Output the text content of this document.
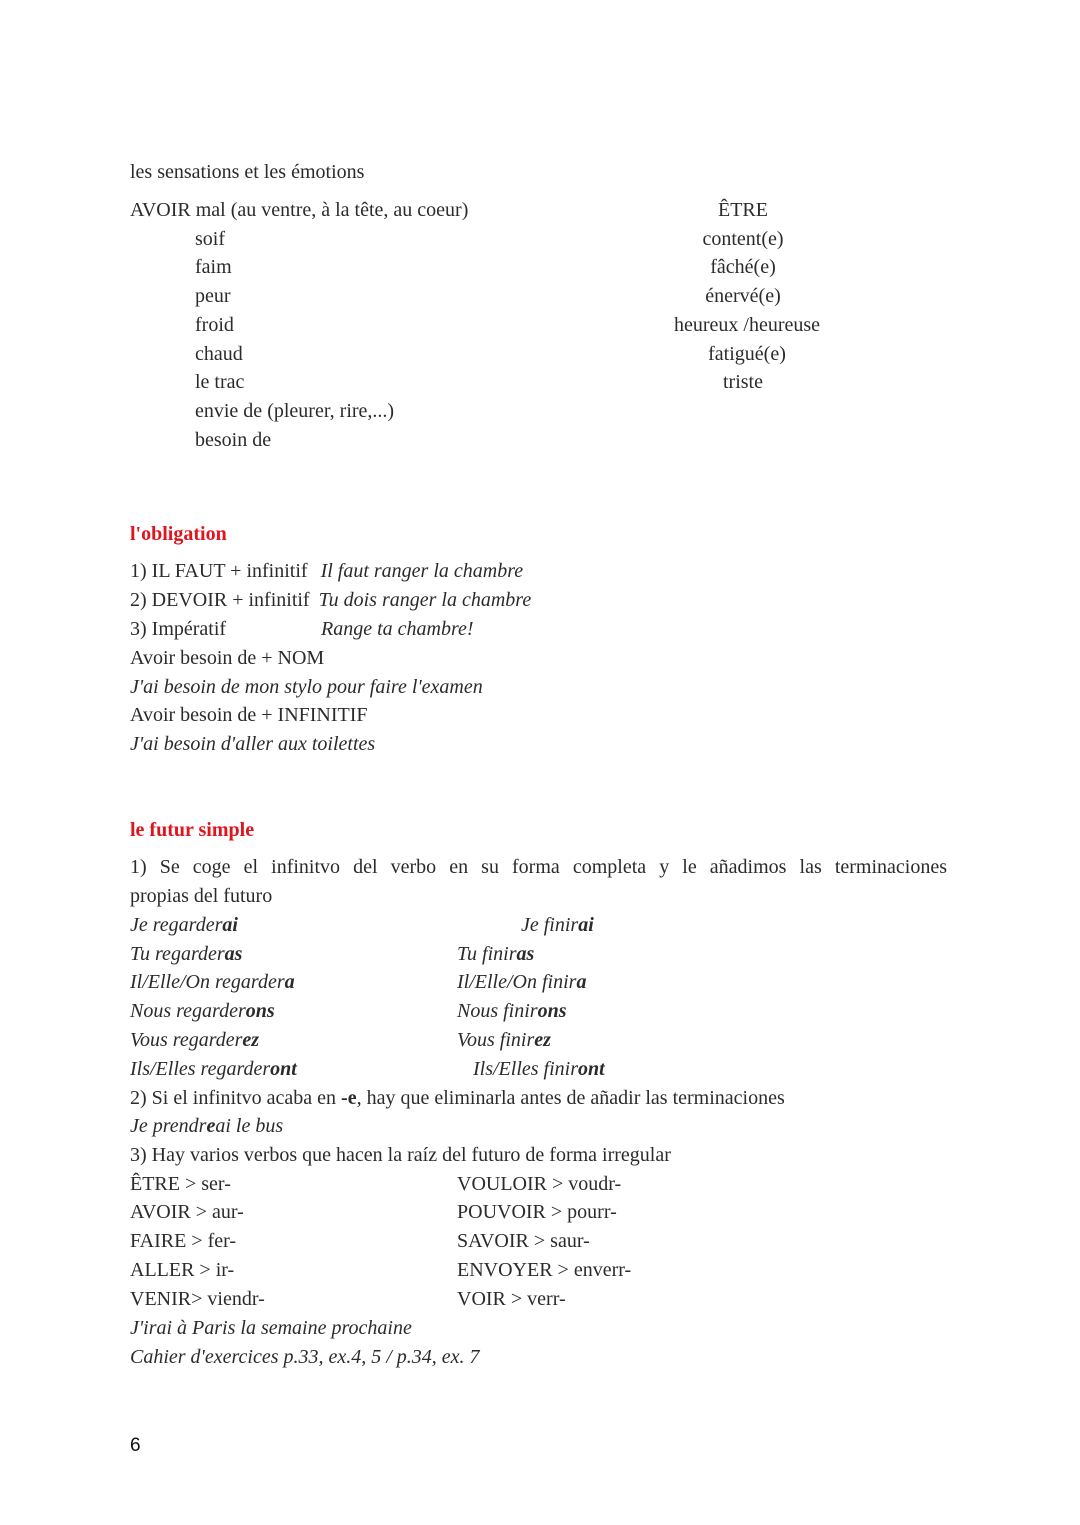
les sensations et les émotions
AVOIR mal (au ventre, à la tête, au coeur)
soif
faim
peur
froid
chaud
le trac
envie de (pleurer, rire,...)
besoin de
ÊTRE
content(e)
fâché(e)
énervé(e)
heureux /heureuse
fatigué(e)
triste
l'obligation
1) IL FAUT + infinitif Il faut ranger la chambre
2) DEVOIR + infinitif Tu dois ranger la chambre
3) Impératif	Range ta chambre!
Avoir besoin de + NOM
J'ai besoin de mon stylo pour faire l'examen
Avoir besoin de + INFINITIF
J'ai besoin d'aller aux toilettes
le futur simple
1) Se coge el infinitvo del verbo en su forma completa y le añadimos las terminaciones
propias del futuro
Je regarderai
Tu regarderas
Il/Elle/On regardera
Nous regarderons
Vous regarderez
Ils/Elles regarderont
Je finirai
Tu finiras
Il/Elle/On finira
Nous finirons
Vous finirez
Ils/Elles finiront
2) Si el infinitvo acaba en -e, hay que eliminarla antes de añadir las terminaciones
Je prendreai le bus
3) Hay varios verbos que hacen la raíz del futuro de forma irregular
ÊTRE > ser-
AVOIR > aur-
FAIRE > fer-
ALLER > ir-
VENIR> viendr-
VOULOIR > voudr-
POUVOIR > pourr-
SAVOIR > saur-
ENVOYER > enverr-
VOIR > verr-
J'irai à Paris la semaine prochaine
Cahier d'exercices p.33, ex.4, 5 / p.34, ex. 7
6
